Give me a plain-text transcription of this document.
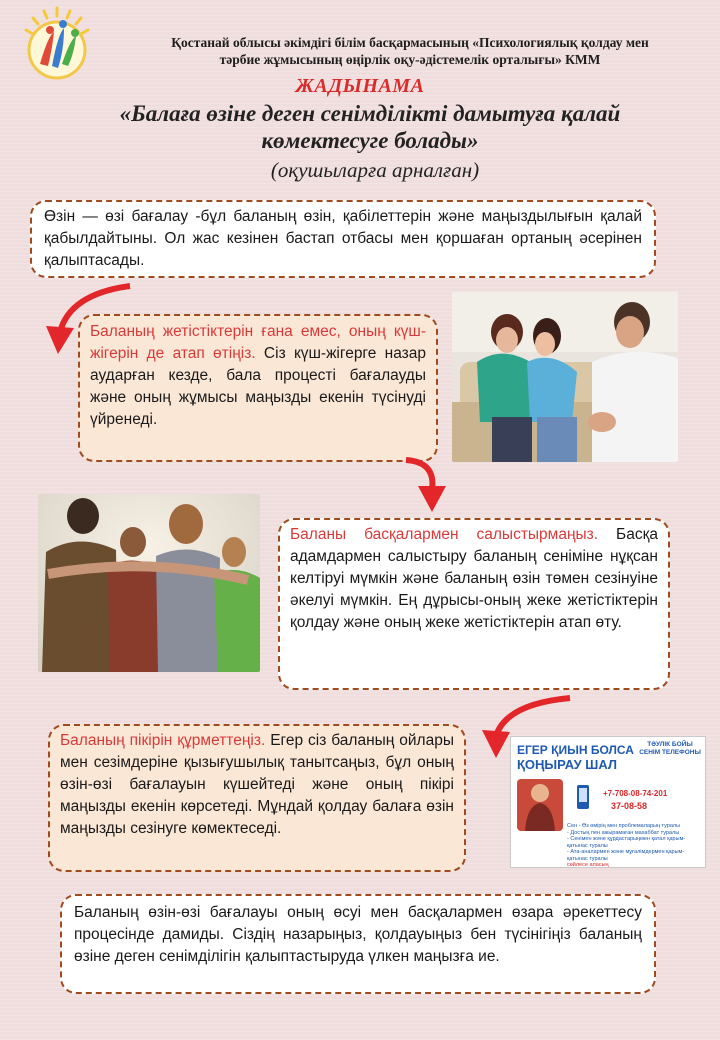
Қостанай облысы әкімдігі білім басқармасының «Психологиялық қолдау мен
тәрбие жұмысының өңірлік оқу-әдістемелік орталығы» КММ
ЖАДЫНАМА
«Балаға өзіне деген сенімділікті дамытуға қалай көмектесуге болады»
(оқушыларға арналған)
Өзін — өзі бағалау -бұл баланың өзін, қабілеттерін және маңыздылығын қалай қабылдайтыны. Ол жас кезінен бастап отбасы мен қоршаған ортаның әсерінен қалыптасады.
Баланың жетістіктерін ғана емес, оның күш-жігерін де атап өтіңіз. Сіз күш-жігерге назар аударған кезде, бала процесті бағалауды және оның жұмысы маңызды екенін түсінуді үйренеді.
Баланы басқалармен салыстырмаңыз. Басқа адамдармен салыстыру баланың сеніміне нұқсан келтіруі мүмкін және баланың өзін төмен сезінуіне әкелуі мүмкін. Ең дұрысы-оның жеке жетістіктерін қолдау және оның жеке жетістіктерін атап өту.
Баланың пікірін құрметтеңіз. Егер сіз баланың ойлары мен сезімдеріне қызығушылық танытсаңыз, бұл оның өзін-өзі бағалауын күшейтеді және оның пікірі маңызды екенін көрсетеді. Мұндай қолдау балаға өзін маңызды сезінуге көмектеседі.
ЕГЕР ҚИЫН БОЛСА
ҚОҢЫРАУ ШАЛ
ТӘУЛІК БОЙЫ СЕНІМ ТЕЛЕФОНЫ
+7-708-08-74-201
37-08-58
Сен - Өз өмірің мен проблемаларың туралы
- Достың пен ажырамаған махаббат туралы
- Сенімен және құрдастарыңмен қатал қарым-қатынас туралы
- Ата-аналармен және мұғалімдермен қарым-қатынас туралы
сөйлесе аласың
Баланың өзін-өзі бағалауы оның өсуі мен басқалармен өзара әрекеттесу процесінде дамиды. Сіздің назарыңыз, қолдауыңыз бен түсінігіңіз баланың өзіне деген сенімділігін қалыптастыруда үлкен маңызға ие.
